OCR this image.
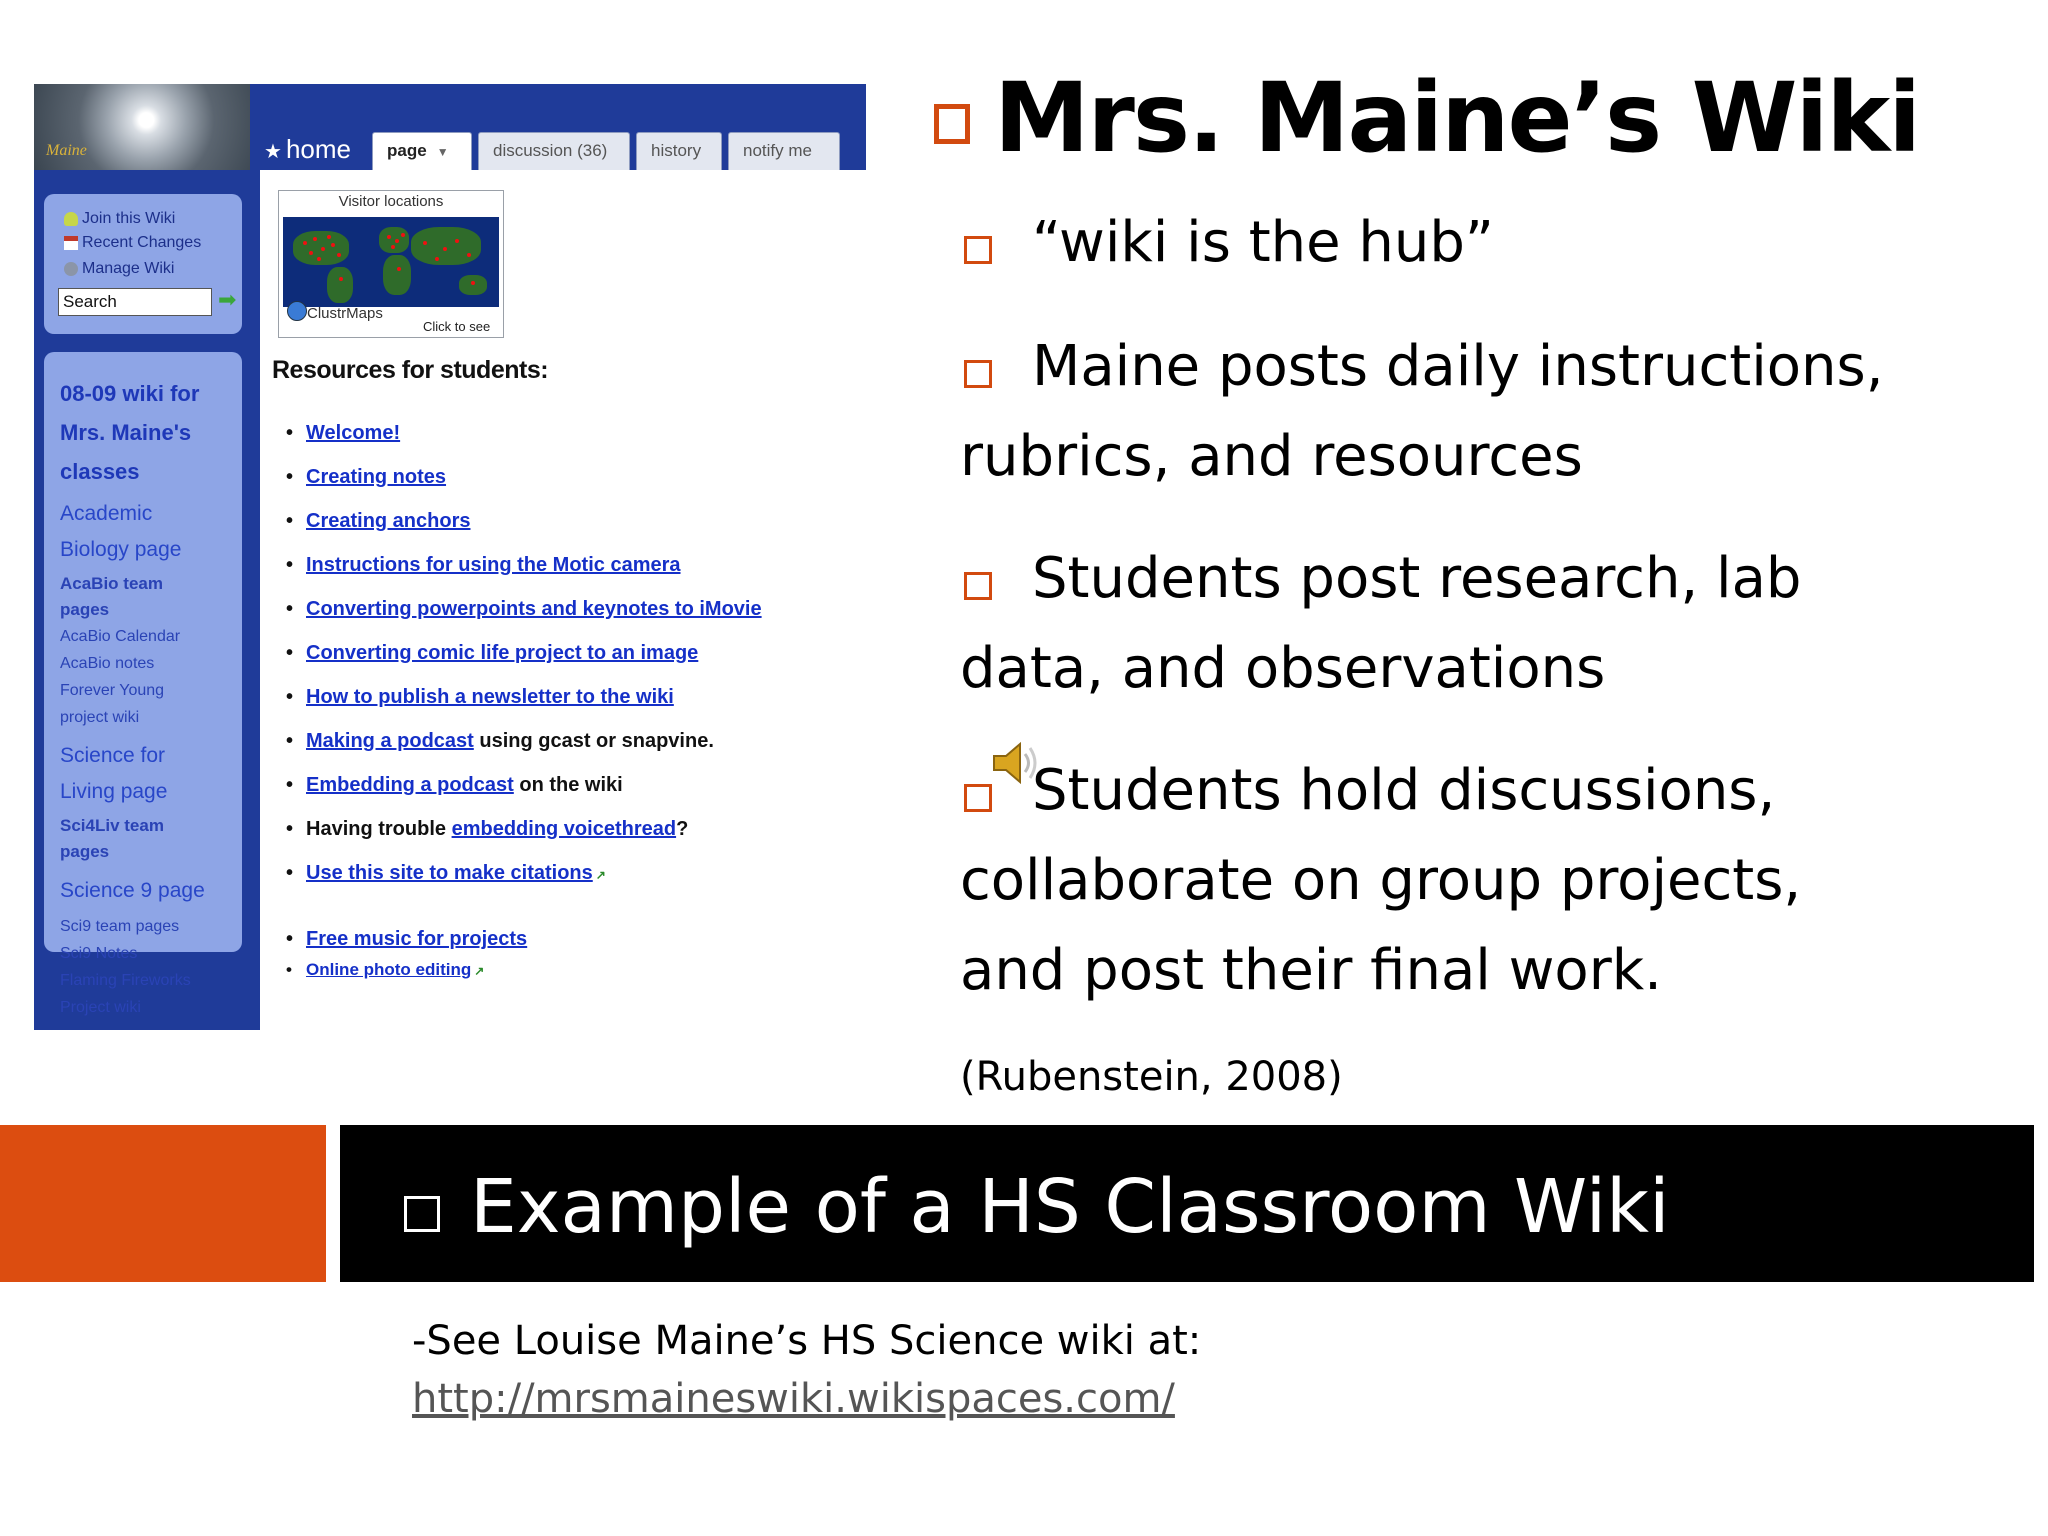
Maine	★ home	page ▼	discussion (36)	history	notify me
Join this Wiki
Recent Changes
Manage Wiki
Search
➡
08-09 wiki for
Mrs. Maine's
classes
Academic
Biology page
AcaBio team
pages
AcaBio Calendar
AcaBio notes
Forever Young
project wiki
Science for
Living page
Sci4Liv team
pages
Science 9 page
Sci9 team pages
Sci9 Notes
Flaming Fireworks
Project wiki
Visitor locations
ClustrMaps
Click to see
Resources for students:
• Welcome!
• Creating notes
• Creating anchors
• Instructions for using the Motic camera
• Converting powerpoints and keynotes to iMovie
• Converting comic life project to an image
• How to publish a newsletter to the wiki
• Making a podcast using gcast or snapvine.
• Embedding a podcast on the wiki
• Having trouble embedding voicethread?
• Use this site to make citations ↗
• Free music for projects
• Online photo editing ↗
Mrs. Maine’s Wiki
“wiki is the hub”
Maine posts daily instructions,
rubrics, and resources
Students post research, lab
data, and observations
Students hold discussions,
collaborate on group projects,
and post their final work.
(Rubenstein, 2008)
Example of a HS Classroom Wiki
-See Louise Maine’s HS Science wiki at:
http://mrsmaineswiki.wikispaces.com/
